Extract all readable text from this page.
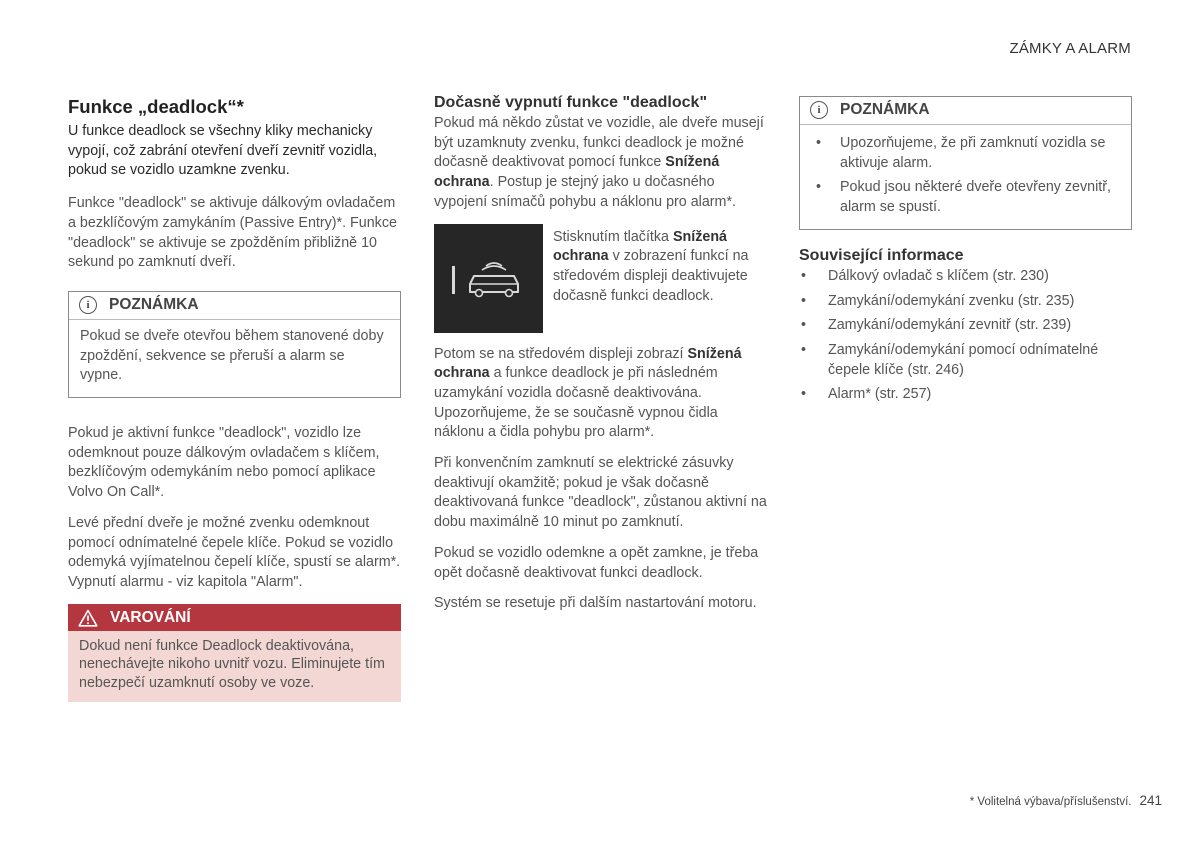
ZÁMKY A ALARM
Funkce „deadlock“*

U funkce deadlock se všechny kliky mechanicky vypojí, což zabrání otevření dveří zevnitř vozidla, pokud se vozidlo uzamkne zvenku.

Funkce "deadlock" se aktivuje dálkovým ovladačem a bezklíčovým zamykáním (Passive Entry)*. Funkce "deadlock" se aktivuje se zpožděním přibližně 10 sekund po zamknutí dveří.

i	POZNÁMKA

Pokud se dveře otevřou během stanovené doby zpoždění, sekvence se přeruší a alarm se vypne.

Pokud je aktivní funkce "deadlock", vozidlo lze odemknout pouze dálkovým ovladačem s klíčem, bezklíčovým odemykáním nebo pomocí aplikace Volvo On Call*.

Levé přední dveře je možné zvenku odemknout pomocí odnímatelné čepele klíče. Pokud se vozidlo odemyká vyjímatelnou čepelí klíče, spustí se alarm*. Vypnutí alarmu - viz kapitola "Alarm".

VAROVÁNÍ

Dokud není funkce Deadlock deaktivována, nenechávejte nikoho uvnitř vozu. Eliminujete tím nebezpečí uzamknutí osoby ve voze.

Dočasně vypnutí funkce "deadlock"

Pokud má někdo zůstat ve vozidle, ale dveře musejí být uzamknuty zvenku, funkci deadlock je možné dočasně deaktivovat pomocí funkce Snížená ochrana. Postup je stejný jako u dočasného vypojení snímačů pohybu a náklonu pro alarm*.

Stisknutím tlačítka Snížená ochrana v zobrazení funkcí na středovém displeji deaktivujete dočasně funkci deadlock.

Potom se na středovém displeji zobrazí Snížená ochrana a funkce deadlock je při následném uzamykání vozidla dočasně deaktivována. Upozorňujeme, že se současně vypnou čidla náklonu a čidla pohybu pro alarm*.

Při konvenčním zamknutí se elektrické zásuvky deaktivují okamžitě; pokud je však dočasně deaktivovaná funkce "deadlock", zůstanou aktivní na dobu maximálně 10 minut po zamknutí.

Pokud se vozidlo odemkne a opět zamkne, je třeba opět dočasně deaktivovat funkci deadlock.

Systém se resetuje při dalším nastartování motoru.

i	POZNÁMKA
• Upozorňujeme, že při zamknutí vozidla se aktivuje alarm.
• Pokud jsou některé dveře otevřeny zevnitř, alarm se spustí.
Související informace
• Dálkový ovladač s klíčem (str. 230)
• Zamykání/odemykání zvenku (str. 235)
• Zamykání/odemykání zevnitř (str. 239)
• Zamykání/odemykání pomocí odnímatelné čepele klíče (str. 246)
• Alarm* (str. 257)
* Volitelná výbava/příslušenství. 241
